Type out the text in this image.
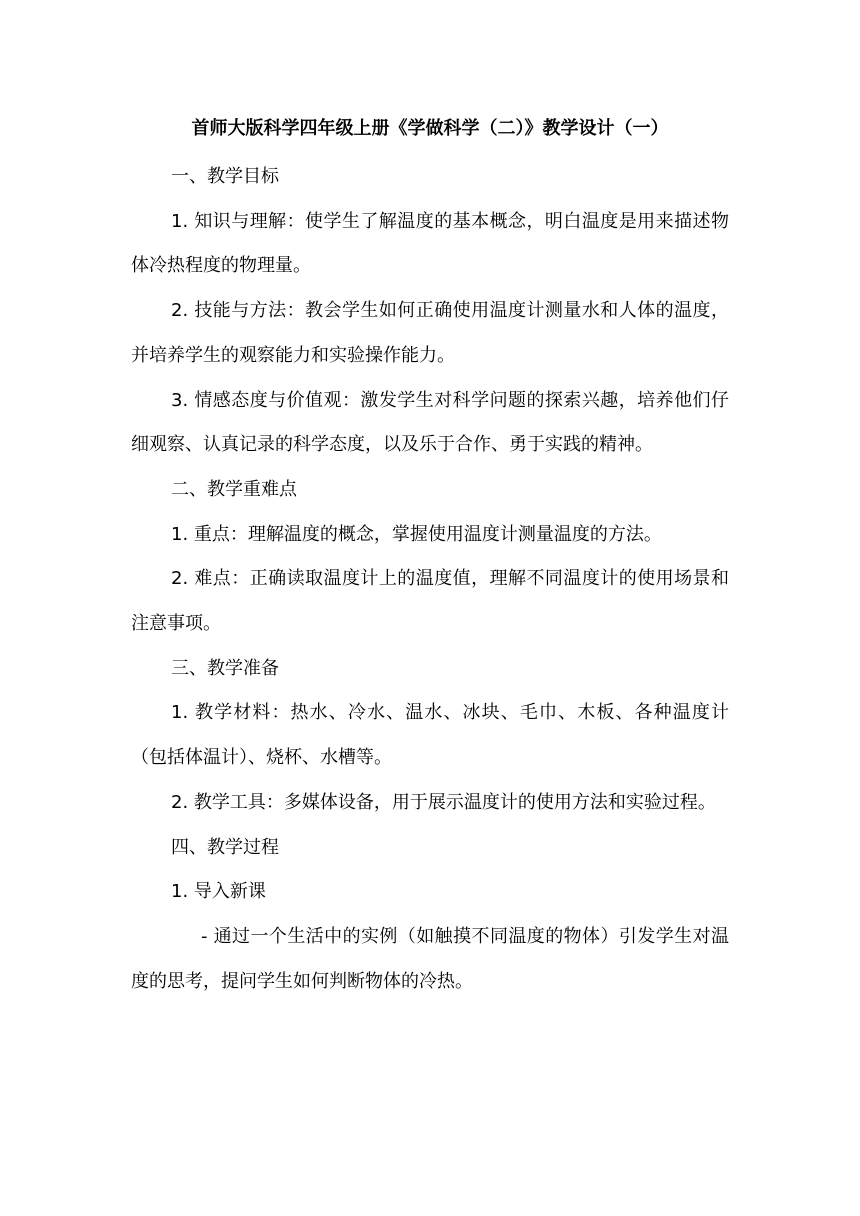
首师大版科学四年级上册《学做科学（二）》教学设计（一）

一、教学目标

1. 知识与理解：使学生了解温度的基本概念，明白温度是用来描述物体冷热程度的物理量。

2. 技能与方法：教会学生如何正确使用温度计测量水和人体的温度，并培养学生的观察能力和实验操作能力。

3. 情感态度与价值观：激发学生对科学问题的探索兴趣，培养他们仔细观察、认真记录的科学态度，以及乐于合作、勇于实践的精神。

二、教学重难点

1. 重点：理解温度的概念，掌握使用温度计测量温度的方法。

2. 难点：正确读取温度计上的温度值，理解不同温度计的使用场景和注意事项。

三、教学准备

1. 教学材料：热水、冷水、温水、冰块、毛巾、木板、各种温度计（包括体温计）、烧杯、水槽等。

2. 教学工具：多媒体设备，用于展示温度计的使用方法和实验过程。

四、教学过程

1. 导入新课

- 通过一个生活中的实例（如触摸不同温度的物体）引发学生对温度的思考，提问学生如何判断物体的冷热。
